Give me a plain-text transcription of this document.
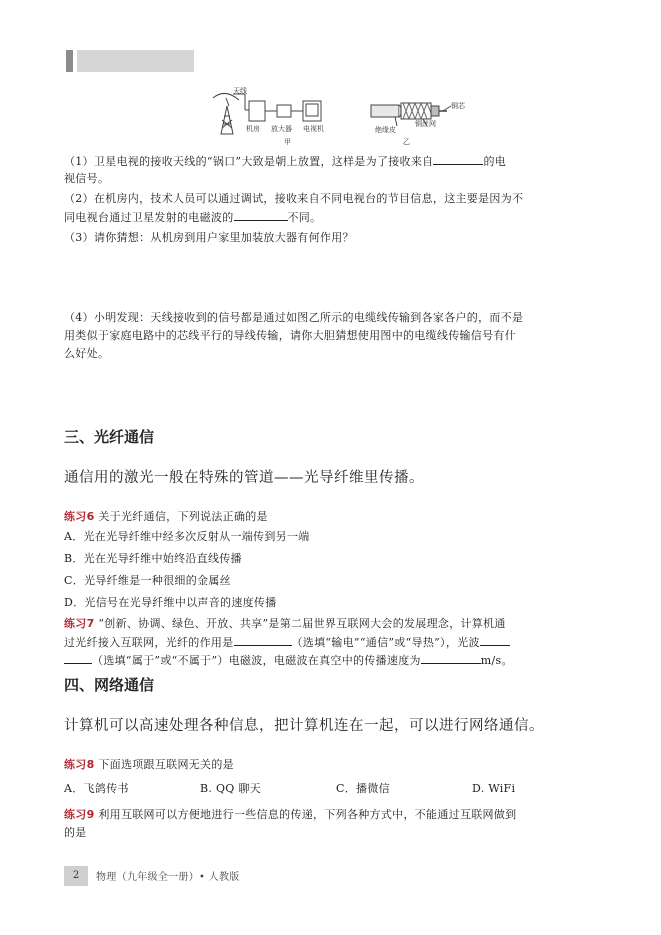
天线
机房 放大器 电视机
甲
铜芯
绝缘皮
铜丝网
乙
（1）卫星电视的接收天线的“锅口”大致是朝上放置，这样是为了接收来自	的电
视信号。
（2）在机房内，技术人员可以通过调试，接收来自不同电视台的节目信息，这主要是因为不
同电视台通过卫星发射的电磁波的	不同。
（3）请你猜想：从机房到用户家里加装放大器有何作用？
（4）小明发现：天线接收到的信号都是通过如图乙所示的电缆线传输到各家各户的，而不是
用类似于家庭电路中的芯线平行的导线传输，请你大胆猜想使用图中的电缆线传输信号有什
么好处。
三、光纤通信
通信用的激光一般在特殊的管道——光导纤维里传播。
练习6 关于光纤通信，下列说法正确的是
A．光在光导纤维中经多次反射从一端传到另一端
B．光在光导纤维中始终沿直线传播
C．光导纤维是一种很细的金属丝
D．光信号在光导纤维中以声音的速度传播
练习7 “创新、协调、绿色、开放、共享”是第二届世界互联网大会的发展理念，计算机通
过光纤接入互联网，光纤的作用是	（选填“输电”“通信”或“导热”），光波
（选填“属于”或“不属于”）电磁波，电磁波在真空中的传播速度为	m/s。
四、网络通信
计算机可以高速处理各种信息，把计算机连在一起，可以进行网络通信。
练习8 下面选项跟互联网无关的是
A．飞鸽传书	B. QQ 聊天	C．播微信	D. WiFi
练习9 利用互联网可以方便地进行一些信息的传递，下列各种方式中，不能通过互联网做到
的是
2	物理（九年级全一册）• 人教版
